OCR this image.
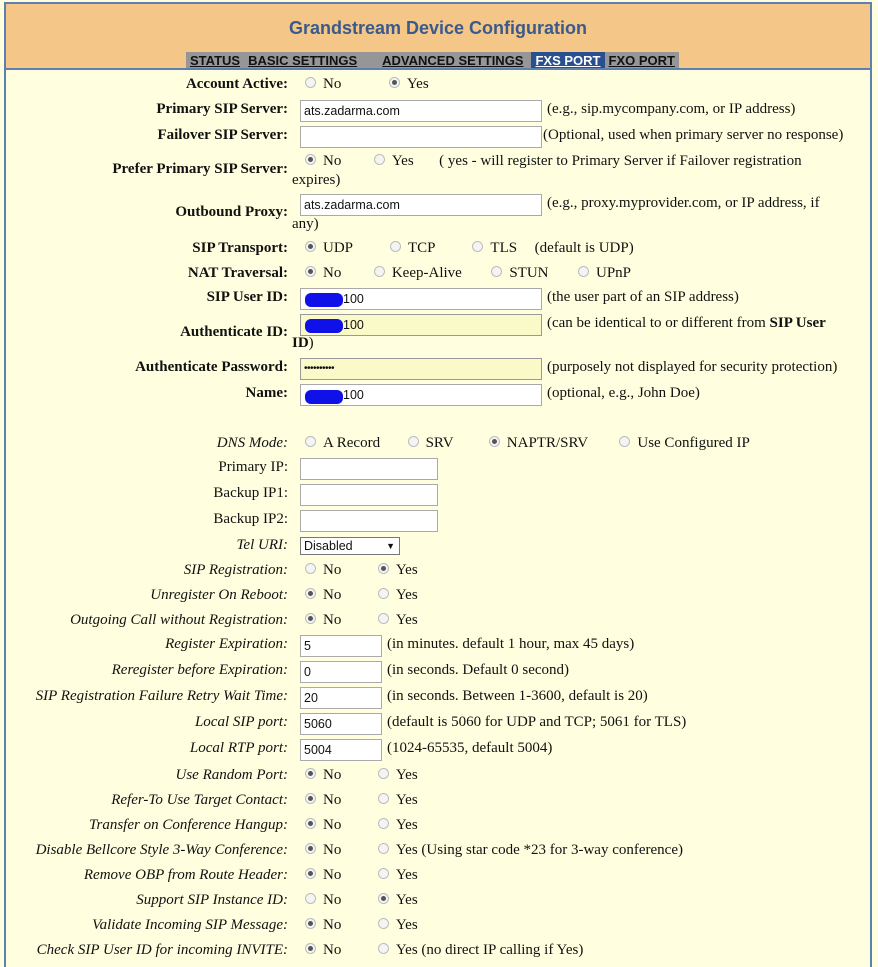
Grandstream Device Configuration
STATUS BASIC SETTINGS	ADVANCED SETTINGS FXS PORT FXO PORT
Account Active:	No	Yes
Primary SIP Server:	ats.zadarma.com	(e.g., sip.mycompany.com, or IP address)
Failover SIP Server:	(Optional, used when primary server no response)
Prefer Primary SIP Server:	No	Yes ( yes - will register to Primary Server if Failover registration
expires)
Outbound Proxy:	ats.zadarma.com	(e.g., proxy.myprovider.com, or IP address, if
any)
SIP Transport:	UDP	TCP	TLS (default is UDP)
NAT Traversal:	No	Keep-Alive	STUN	UPnP
SIP User ID:	100	(the user part of an SIP address)
Authenticate ID:	100	(can be identical to or different from SIP User
ID)
Authenticate Password:	••••••••••	(purposely not displayed for security protection)
Name:	100	(optional, e.g., John Doe)
DNS Mode:	A Record	SRV	NAPTR/SRV	Use Configured IP
Primary IP:
Backup IP1:
Backup IP2:
Tel URI:	Disabled	▼
SIP Registration:	No	Yes
Unregister On Reboot:	No	Yes
Outgoing Call without Registration:	No	Yes
Register Expiration:	5	(in minutes. default 1 hour, max 45 days)
Reregister before Expiration:	0	(in seconds. Default 0 second)
SIP Registration Failure Retry Wait Time:	20	(in seconds. Between 1-3600, default is 20)
Local SIP port:	5060	(default is 5060 for UDP and TCP; 5061 for TLS)
Local RTP port:	5004	(1024-65535, default 5004)
Use Random Port:	No	Yes
Refer-To Use Target Contact:	No	Yes
Transfer on Conference Hangup:	No	Yes
Disable Bellcore Style 3-Way Conference:	No	Yes (Using star code *23 for 3-way conference)
Remove OBP from Route Header:	No	Yes
Support SIP Instance ID:	No	Yes
Validate Incoming SIP Message:	No	Yes
Check SIP User ID for incoming INVITE:	No	Yes (no direct IP calling if Yes)
